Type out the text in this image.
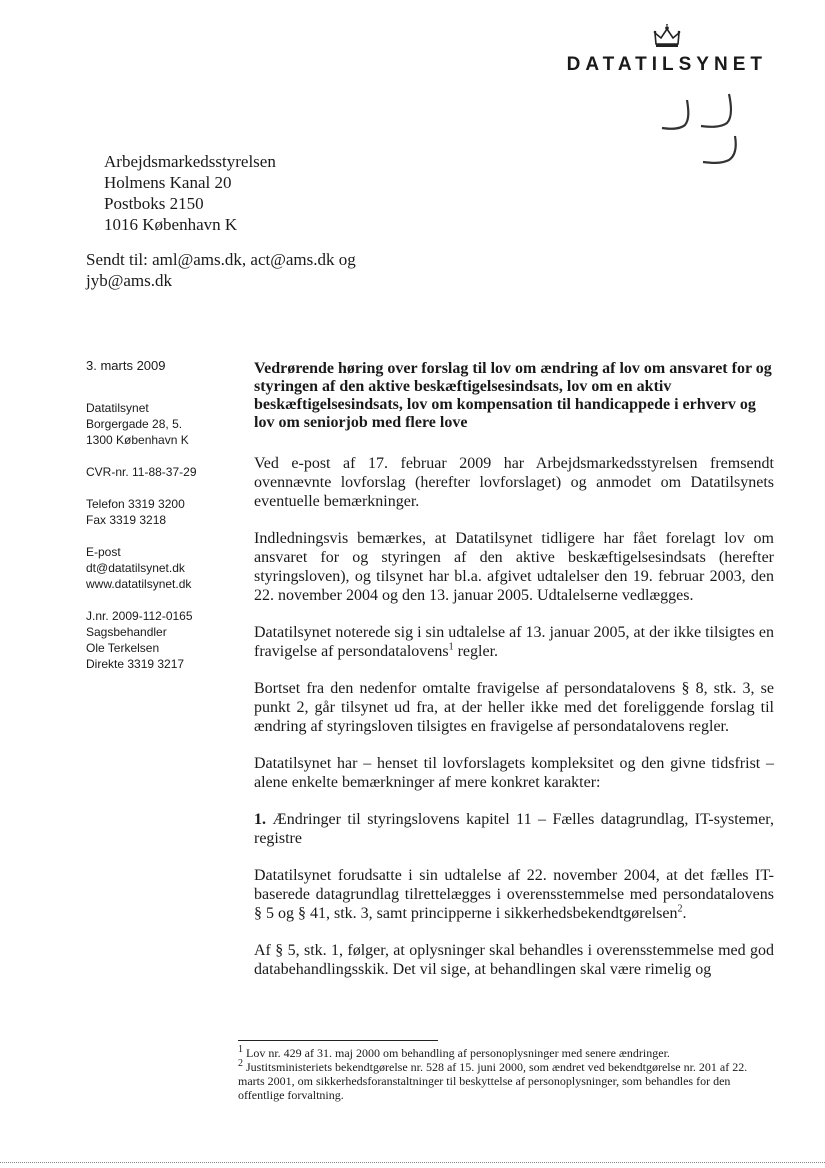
DATATILSYNET
Arbejdsmarkedsstyrelsen
Holmens Kanal 20
Postboks 2150
1016 København K
Sendt til: aml@ams.dk, act@ams.dk og
jyb@ams.dk

3. marts 2009

Datatilsynet

Borgergade 28, 5.

1300 København K

CVR-nr. 11-88-37-29

Telefon 3319 3200

Fax 3319 3218

E-post

dt@datatilsynet.dk

www.datatilsynet.dk

J.nr. 2009-112-0165

Sagsbehandler

Ole Terkelsen

Direkte 3319 3217

Vedrørende høring over forslag til lov om ændring af lov om ansvaret for og styringen af den aktive beskæftigelsesindsats, lov om en aktiv beskæftigelsesindsats, lov om kompensation til handicappede i erhverv og lov om seniorjob med flere love

Ved e-post af 17. februar 2009 har Arbejdsmarkedsstyrelsen fremsendt ovennævnte lovforslag (herefter lovforslaget) og anmodet om Datatilsynets eventuelle bemærkninger.

Indledningsvis bemærkes, at Datatilsynet tidligere har fået forelagt lov om ansvaret for og styringen af den aktive beskæftigelsesindsats (herefter styringsloven), og tilsynet har bl.a. afgivet udtalelser den 19. februar 2003, den 22. november 2004 og den 13. januar 2005. Udtalelserne vedlægges.

Datatilsynet noterede sig i sin udtalelse af 13. januar 2005, at der ikke tilsigtes en fravigelse af persondatalovens$^1$ regler.

Bortset fra den nedenfor omtalte fravigelse af persondatalovens § 8, stk. 3, se punkt 2, går tilsynet ud fra, at der heller ikke med det foreliggende forslag til ændring af styringsloven tilsigtes en fravigelse af persondatalovens regler.

Datatilsynet har – henset til lovforslagets kompleksitet og den givne tidsfrist – alene enkelte bemærkninger af mere konkret karakter:

1. Ændringer til styringslovens kapitel 11 – Fælles datagrundlag, IT-systemer, registre

Datatilsynet forudsatte i sin udtalelse af 22. november 2004, at det fælles IT-baserede datagrundlag tilrettelægges i overensstemmelse med persondatalovens § 5 og § 41, stk. 3, samt principperne i sikkerhedsbekendtgørelsen$^2$.

Af § 5, stk. 1, følger, at oplysninger skal behandles i overensstemmelse med god databehandlingsskik. Det vil sige, at behandlingen skal være rimelig og

$^1$ Lov nr. 429 af 31. maj 2000 om behandling af personoplysninger med senere ændringer.

$^2$ Justitsministeriets bekendtgørelse nr. 528 af 15. juni 2000, som ændret ved bekendtgørelse nr. 201 af 22. marts 2001, om sikkerhedsforanstaltninger til beskyttelse af personoplysninger, som behandles for den offentlige forvaltning.
